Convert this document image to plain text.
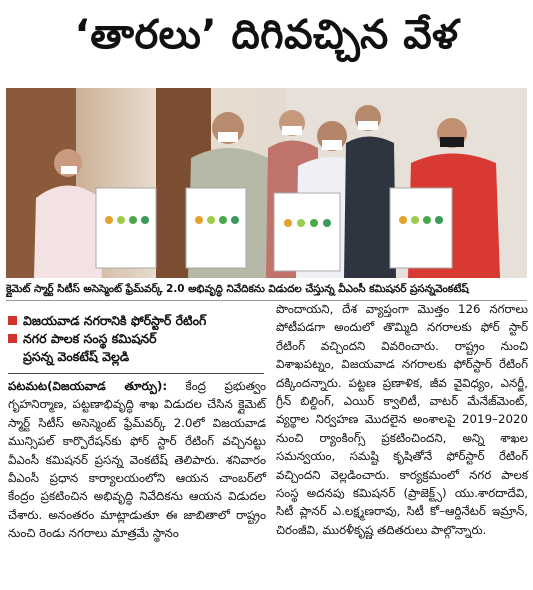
‘తారలు’ దిగివచ్చిన వేళ
క్లైమెట్ స్మార్ట్ సిటీస్ అసెస్మెంట్ ఫ్రేమ్‌వర్క్ 2.0 అభివృద్ధి నివేదికను విడుదల చేస్తున్న వీఎంసీ కమిషనర్ ప్రసన్నవెంకటేష్
విజయవాడ నగరానికి ఫోర్‌స్టార్ రేటింగ్
నగర పాలక సంస్థ కమిషనర్
ప్రసన్న వెంకటేష్ వెల్లడి

పటమట(విజయవాడ తూర్పు): కేంద్ర ప్రభుత్వం గృహనిర్మాణ, పట్టణాభివృద్ధి శాఖ విడుదల చేసిన క్లైమెట్ స్మార్ట్ సిటీస్ అసెస్మెంట్ ఫ్రేమ్‌వర్క్ 2.0లో విజయవాడ మున్సిపల్ కార్పొరేషన్‌కు ఫోర్ స్టార్ రేటింగ్ వచ్చినట్టు వీఎంసీ కమిషనర్ ప్రసన్న వెంకటేష్ తెలిపారు. శనివారం వీఎంసీ ప్రధాన కార్యాలయంలోని ఆయన చాంబర్‌లో కేంద్రం ప్రకటించిన అభివృద్ధి నివేదికను ఆయన విడుదల చేశారు. అనంతరం మాట్లాడుతూ ఈ జాబితాలో రాష్ట్రం నుంచి రెండు నగరాలు మాత్రమే స్థానం

పొందాయని, దేశ వ్యాప్తంగా మొత్తం 126 నగరాలు పోటీపడగా అందులో తొమ్మిది నగరాలకు ఫోర్ స్టార్ రేటింగ్ వచ్చిందని వివరించారు. రాష్ట్రం నుంచి విశాఖపట్నం, విజయవాడ నగరాలకు ఫోర్‌స్టార్ రేటింగ్ దక్కిందన్నారు. పట్టణ ప్రణాళిక, జీవ వైవిధ్యం, ఎనర్జీ, గ్రీన్ బిల్డింగ్, ఎయిర్ క్వాలిటీ, వాటర్ మేనేజ్‌మెంట్, వ్యర్థాల నిర్వహణ మొదలైన అంశాలపై 2019–2020 నుంచి ర్యాంకింగ్స్ ప్రకటించిందని, అన్ని శాఖల సమన్వయం, సమష్టి కృషితోనే ఫోర్‌స్టార్ రేటింగ్ వచ్చిందని వెల్లడించారు. కార్యక్రమంలో నగర పాలక సంస్థ అదనపు కమిషనర్ (ప్రాజెక్ట్స్) యు.శారదాదేవి, సిటీ ప్లానర్ ఎ.లక్ష్మణరావు, సిటీ కో–ఆర్డినేటర్ ఇమ్రాన్, చిరంజీవి, మురళీకృష్ణ తదితరులు పాల్గొన్నారు.
